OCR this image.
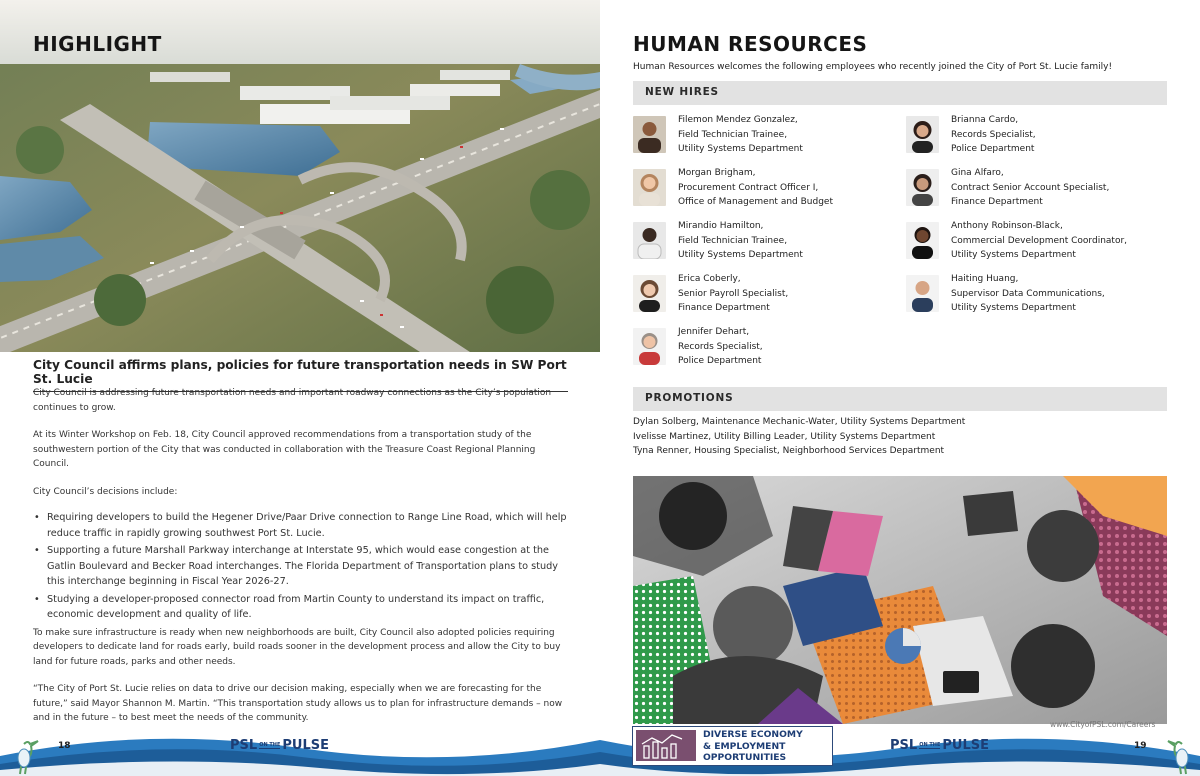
HIGHLIGHT
City Council affirms plans, policies for future transportation needs in SW Port St. Lucie

City Council is addressing future transportation needs and important roadway connections as the City’s population continues to grow.

At its Winter Workshop on Feb. 18, City Council approved recommendations from a transportation study of the southwestern portion of the City that was conducted in collaboration with the Treasure Coast Regional Planning Council.

City Council’s decisions include:

• Requiring developers to build the Hegener Drive/Paar Drive connection to Range Line Road, which will help reduce traffic in rapidly growing southwest Port St. Lucie.
• Supporting a future Marshall Parkway interchange at Interstate 95, which would ease congestion at the Gatlin Boulevard and Becker Road interchanges. The Florida Department of Transportation plans to study this interchange beginning in Fiscal Year 2026-27.
• Studying a developer-proposed connector road from Martin County to understand its impact on traffic, economic development and quality of life.

To make sure infrastructure is ready when new neighborhoods are built, City Council also adopted policies requiring developers to dedicate land for roads early, build roads sooner in the development process and allow the City to buy land for future roads, parks and other needs.

“The City of Port St. Lucie relies on data to drive our decision making, especially when we are forecasting for the future,” said Mayor Shannon M. Martin. “This transportation study allows us to plan for infrastructure demands – now and in the future – to best meet the needs of the community.

18	PSL ON THE PULSE
HUMAN RESOURCES
Human Resources welcomes the following employees who recently joined the City of Port St. Lucie family!
NEW HIRES
Filemon Mendez Gonzalez,
Field Technician Trainee,
Utility Systems Department
Morgan Brigham,
Procurement Contract Officer I,
Office of Management and Budget
Mirandio Hamilton,
Field Technician Trainee,
Utility Systems Department
Erica Coberly,
Senior Payroll Specialist,
Finance Department
Jennifer Dehart,
Records Specialist,
Police Department
Brianna Cardo,
Records Specialist,
Police Department
Gina Alfaro,
Contract Senior Account Specialist,
Finance Department
Anthony Robinson-Black,
Commercial Development Coordinator,
Utility Systems Department
Haiting Huang,
Supervisor Data Communications,
Utility Systems Department
PROMOTIONS
Dylan Solberg, Maintenance Mechanic-Water, Utility Systems Department
Ivelisse Martinez, Utility Billing Leader, Utility Systems Department
Tyna Renner, Housing Specialist, Neighborhood Services Department
www.CityofPSL.com/Careers
DIVERSE ECONOMY
& EMPLOYMENT
OPPORTUNITIES
PSL ON THE PULSE	19
